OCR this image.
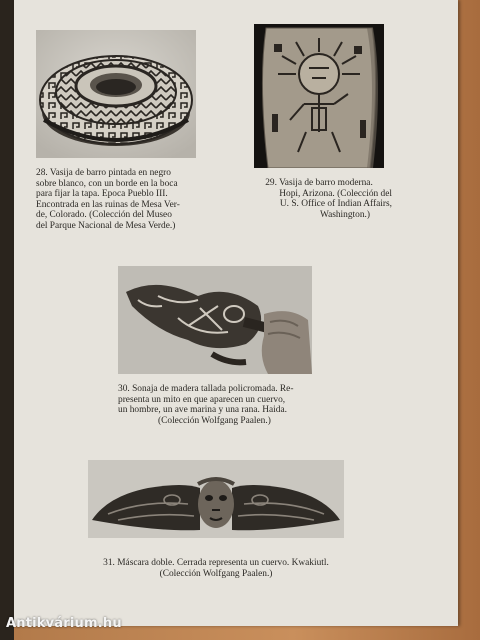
28. Vasija de barro pintada en negro
sobre blanco, con un borde en la boca
para fijar la tapa. Epoca Pueblo III.
Encontrada en las ruinas de Mesa Ver-
de, Colorado. (Colección del Museo
del Parque Nacional de Mesa Verde.)
29. Vasija de barro moderna.
Hopi, Arizona. (Colección del
U. S. Office of Indian Affairs,
Washington.)
30. Sonaja de madera tallada policromada. Re-
presenta un mito en que aparecen un cuervo,
un hombre, un ave marina y una rana. Haida.
(Colección Wolfgang Paalen.)
31. Máscara doble. Cerrada representa un cuervo. Kwakiutl.
(Colección Wolfgang Paalen.)
Antikvárium.hu
